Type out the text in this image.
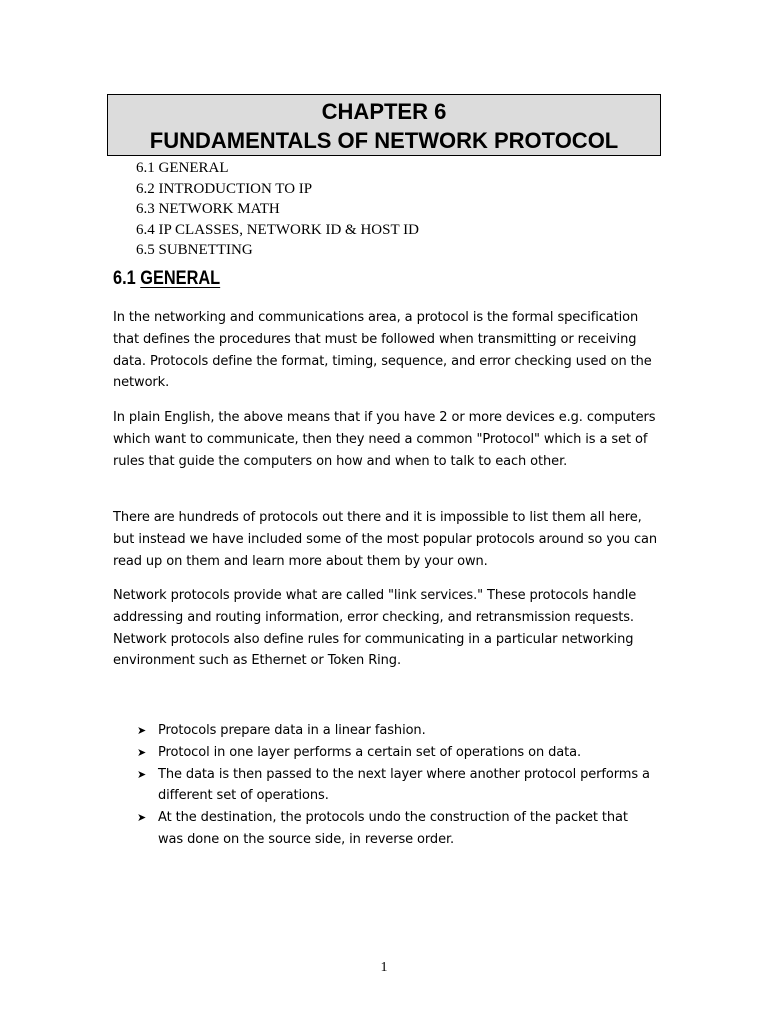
CHAPTER 6
FUNDAMENTALS OF NETWORK PROTOCOL
6.1 GENERAL
6.2 INTRODUCTION TO IP
6.3 NETWORK MATH
6.4 IP CLASSES, NETWORK ID & HOST ID
6.5 SUBNETTING
6.1 GENERAL

In the networking and communications area, a protocol is the formal specification that defines the procedures that must be followed when transmitting or receiving data. Protocols define the format, timing, sequence, and error checking used on the network.

In plain English, the above means that if you have 2 or more devices e.g. computers which want to communicate, then they need a common "Protocol" which is a set of rules that guide the computers on how and when to talk to each other.

There are hundreds of protocols out there and it is impossible to list them all here, but instead we have included some of the most popular protocols around so you can read up on them and learn more about them by your own.

Network protocols provide what are called "link services." These protocols handle addressing and routing information, error checking, and retransmission requests. Network protocols also define rules for communicating in a particular networking environment such as Ethernet or Token Ring.

➤ Protocols prepare data in a linear fashion.
➤ Protocol in one layer performs a certain set of operations on data.
➤ The data is then passed to the next layer where another protocol performs a different set of operations.
➤ At the destination, the protocols undo the construction of the packet that was done on the source side, in reverse order.
1
